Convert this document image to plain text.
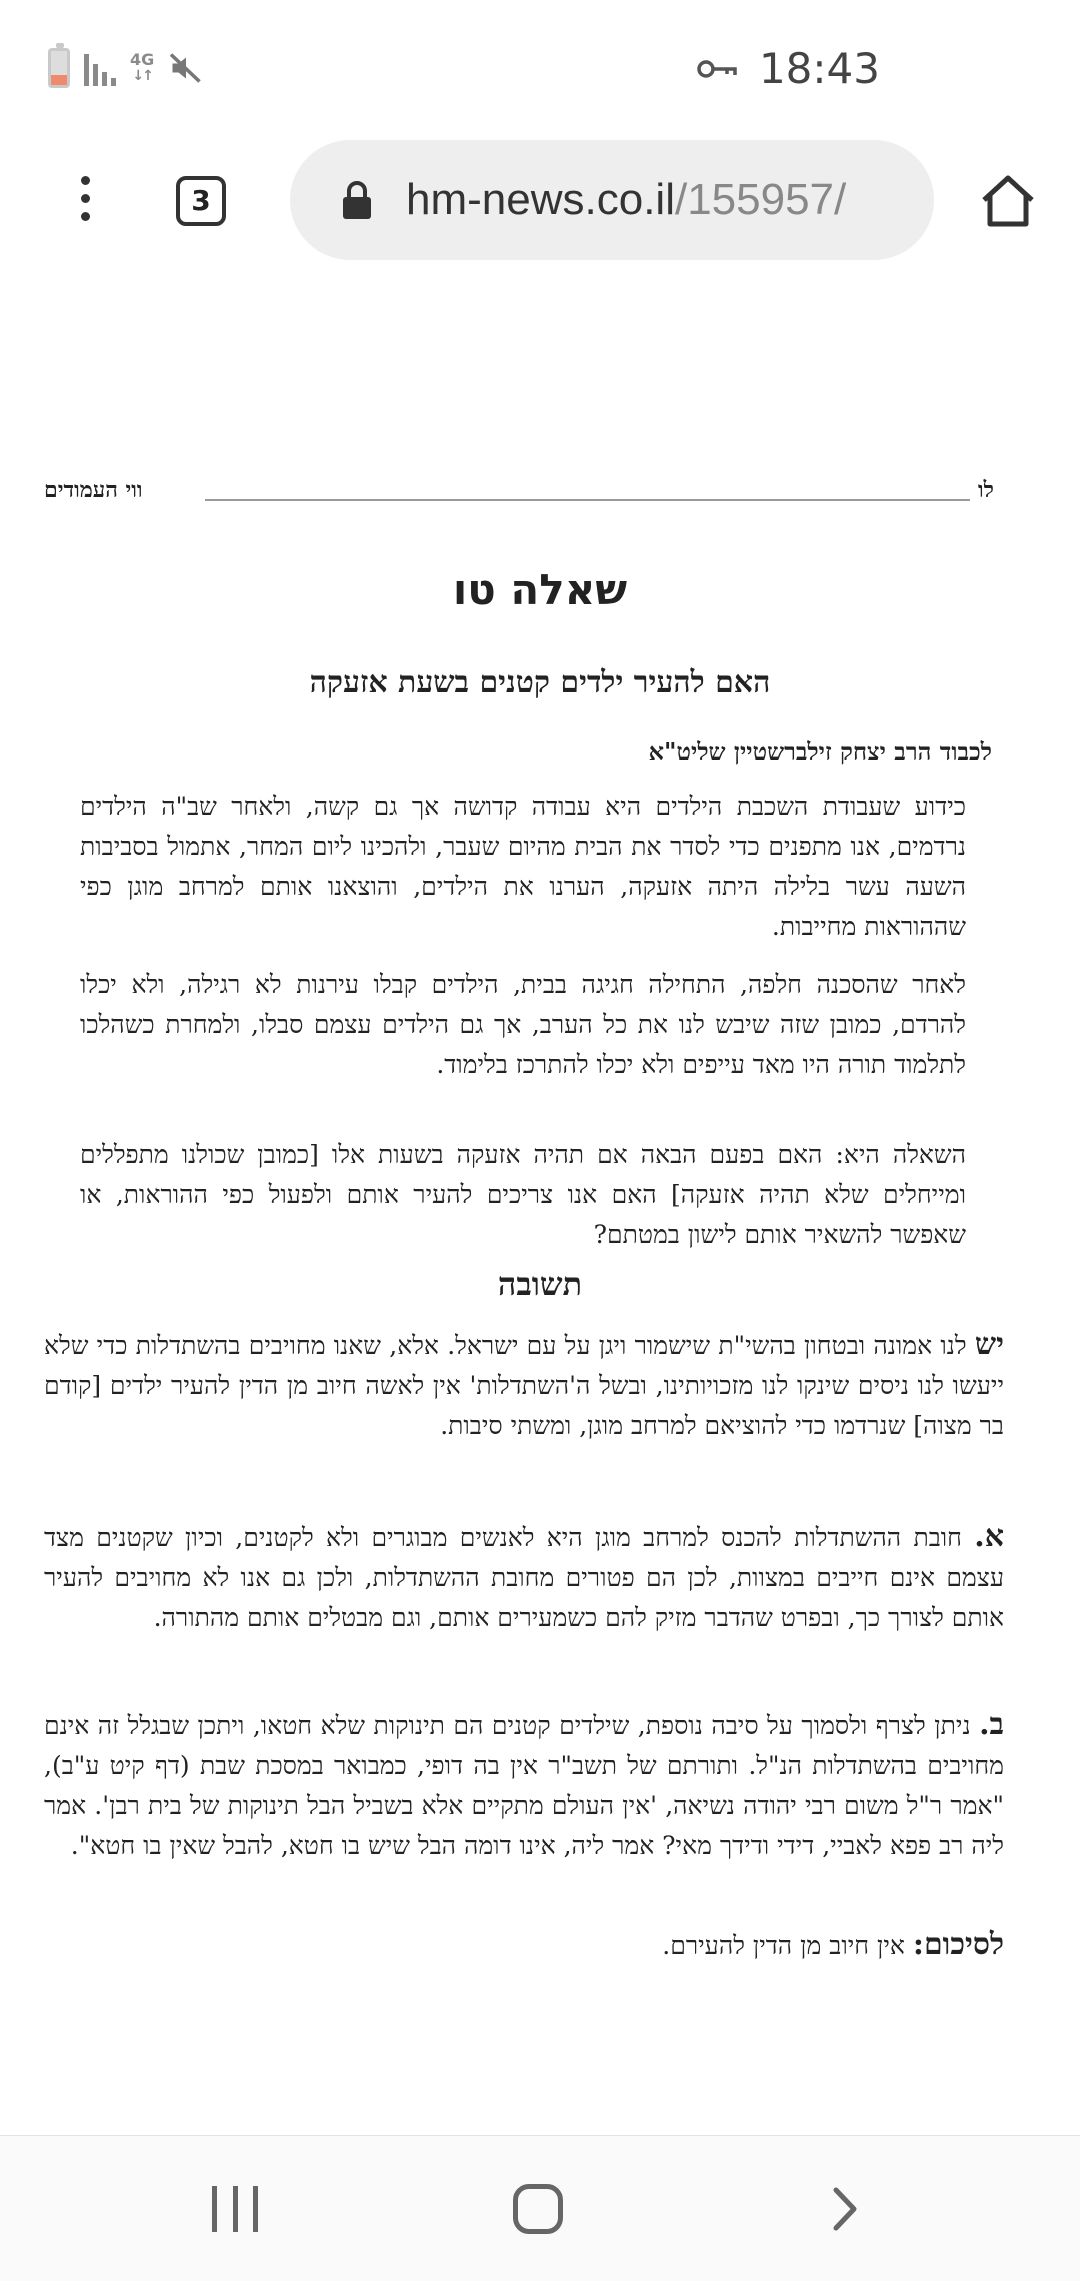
4G
↓↑	18:43
3	hm-news.co.il/155957/
לו
ווי העמודים
שאלה טו
האם להעיר ילדים קטנים בשעת אזעקה
לכבוד הרב יצחק זילברשטיין שליט"א
כידוע שעבודת השכבת הילדים היא עבודה קדושה אך גם קשה, ולאחר שב"ה הילדים נרדמים, אנו מתפנים כדי לסדר את הבית מהיום שעבר, ולהכינו ליום המחר, אתמול בסביבות השעה עשר בלילה היתה אזעקה, הערנו את הילדים, והוצאנו אותם למרחב מוגן כפי שההוראות מחייבות.
לאחר שהסכנה חלפה, התחילה חגיגה בבית, הילדים קבלו עירנות לא רגילה, ולא יכלו להרדם, כמובן שזה שיבש לנו את כל הערב, אך גם הילדים עצמם סבלו, ולמחרת כשהלכו לתלמוד תורה היו מאד עייפים ולא יכלו להתרכז בלימוד.
השאלה היא: האם בפעם הבאה אם תהיה אזעקה בשעות אלו [כמובן שכולנו מתפללים ומייחלים שלא תהיה אזעקה] האם אנו צריכים להעיר אותם ולפעול כפי ההוראות, או שאפשר להשאיר אותם לישון במטתם?
תשובה
יש לנו אמונה ובטחון בהשי"ת שישמור ויגן על עם ישראל. אלא, שאנו מחויבים בהשתדלות כדי שלא ייעשו לנו ניסים שינקו לנו מזכויותינו, ובשל ה'השתדלות' אין לאשה חיוב מן הדין להעיר ילדים [קודם בר מצוה] שנרדמו כדי להוציאם למרחב מוגן, ומשתי סיבות.
א. חובת ההשתדלות להכנס למרחב מוגן היא לאנשים מבוגרים ולא לקטנים, וכיון שקטנים מצד עצמם אינם חייבים במצוות, לכן הם פטורים מחובת ההשתדלות, ולכן גם אנו לא מחויבים להעיר אותם לצורך כך, ובפרט שהדבר מזיק להם כשמעירים אותם, וגם מבטלים אותם מהתורה.
ב. ניתן לצרף ולסמוך על סיבה נוספת, שילדים קטנים הם תינוקות שלא חטאו, ויתכן שבגלל זה אינם מחויבים בהשתדלות הנ"ל. ותורתם של תשב"ר אין בה דופי, כמבואר במסכת שבת (דף קיט ע"ב), "אמר ר"ל משום רבי יהודה נשיאה, 'אין העולם מתקיים אלא בשביל הבל תינוקות של בית רבן'. אמר ליה רב פפא לאביי, דידי ודידך מאי? אמר ליה, אינו דומה הבל שיש בו חטא, להבל שאין בו חטא".
לסיכום: אין חיוב מן הדין להעירם.
